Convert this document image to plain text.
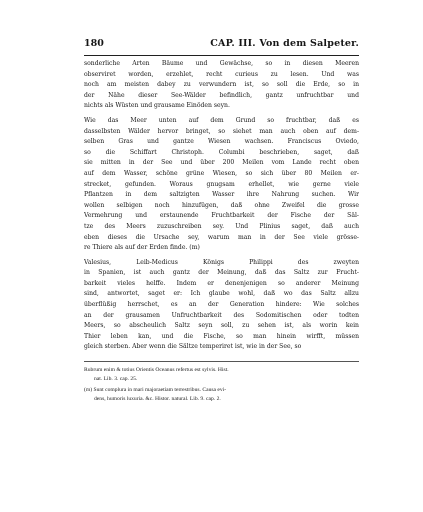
180	CAP. III. Von dem Salpeter.

sonderliche Arten Bäume und Gewächse, so in diesen Meeren
observiret worden, erzehlet, recht curieus zu lesen. Und was
noch am meisten dabey zu verwundern ist, so soll die Erde, so in
der Nähe dieser See-Wälder befindlich, gantz unfruchtbar und
nichts als Wüsten und grausame Einöden seyn.

Wie das Meer unten auf dem Grund so fruchtbar, daß es
dasselbsten Wälder hervor bringet, so siehet man auch oben auf dem-
selben Gras und gantze Wiesen wachsen. Franciscus Oviedo,
so die Schiffart Christoph. Columbi beschrieben, saget, daß
sie mitten in der See und über 200 Meilen vom Lande recht oben
auf dem Wasser, schöne grüne Wiesen, so sich über 80 Meilen er-
strecket, gefunden. Woraus gnugsam erhellet, wie gerne viele
Pflantzen in dem saltzigten Wasser ihre Nahrung suchen. Wir
wollen selbigen noch hinzufügen, daß ohne Zweifel die grosse
Vermehrung und erstaunende Fruchtbarkeit der Fische der Säl-
tze des Meers zuzuschreiben sey. Und Plinius saget, daß auch
eben dieses die Ursache sey, warum man in der See viele grösse-
re Thiere als auf der Erden finde. (m)

Valesius, Leib-Medicus Königs Philippi des zweyten
in Spanien, ist auch gantz der Meinung, daß das Saltz zur Frucht-
barkeit vieles helffe. Indem er denenjenigen so anderer Meinung
sind, antwortet, saget er: Ich glaube wohl, daß wo das Saltz allzu
überflüßig herrschet, es an der Generation hindere: Wie solches
an der grausamen Unfruchtbarkeit des Sodomitischen oder todten
Meers, so abscheulich Saltz seyn soll, zu sehen ist, als worin kein
Thier leben kan, und die Fische, so man hinein wirfft, müssen
gleich sterben. Aber wenn die Sältze temperiret ist, wie in der See, so

Rubrum enim & totius Orientis Oceanus refertus est sylvis. Hist.
nat. Lib. 3. cap. 25.
(m) Sunt complura in mari majoraetiam terrestribus. Causa evi-
dens, humoris luxuria. &c. Histor. natural. Lib. 9. cap. 2.
